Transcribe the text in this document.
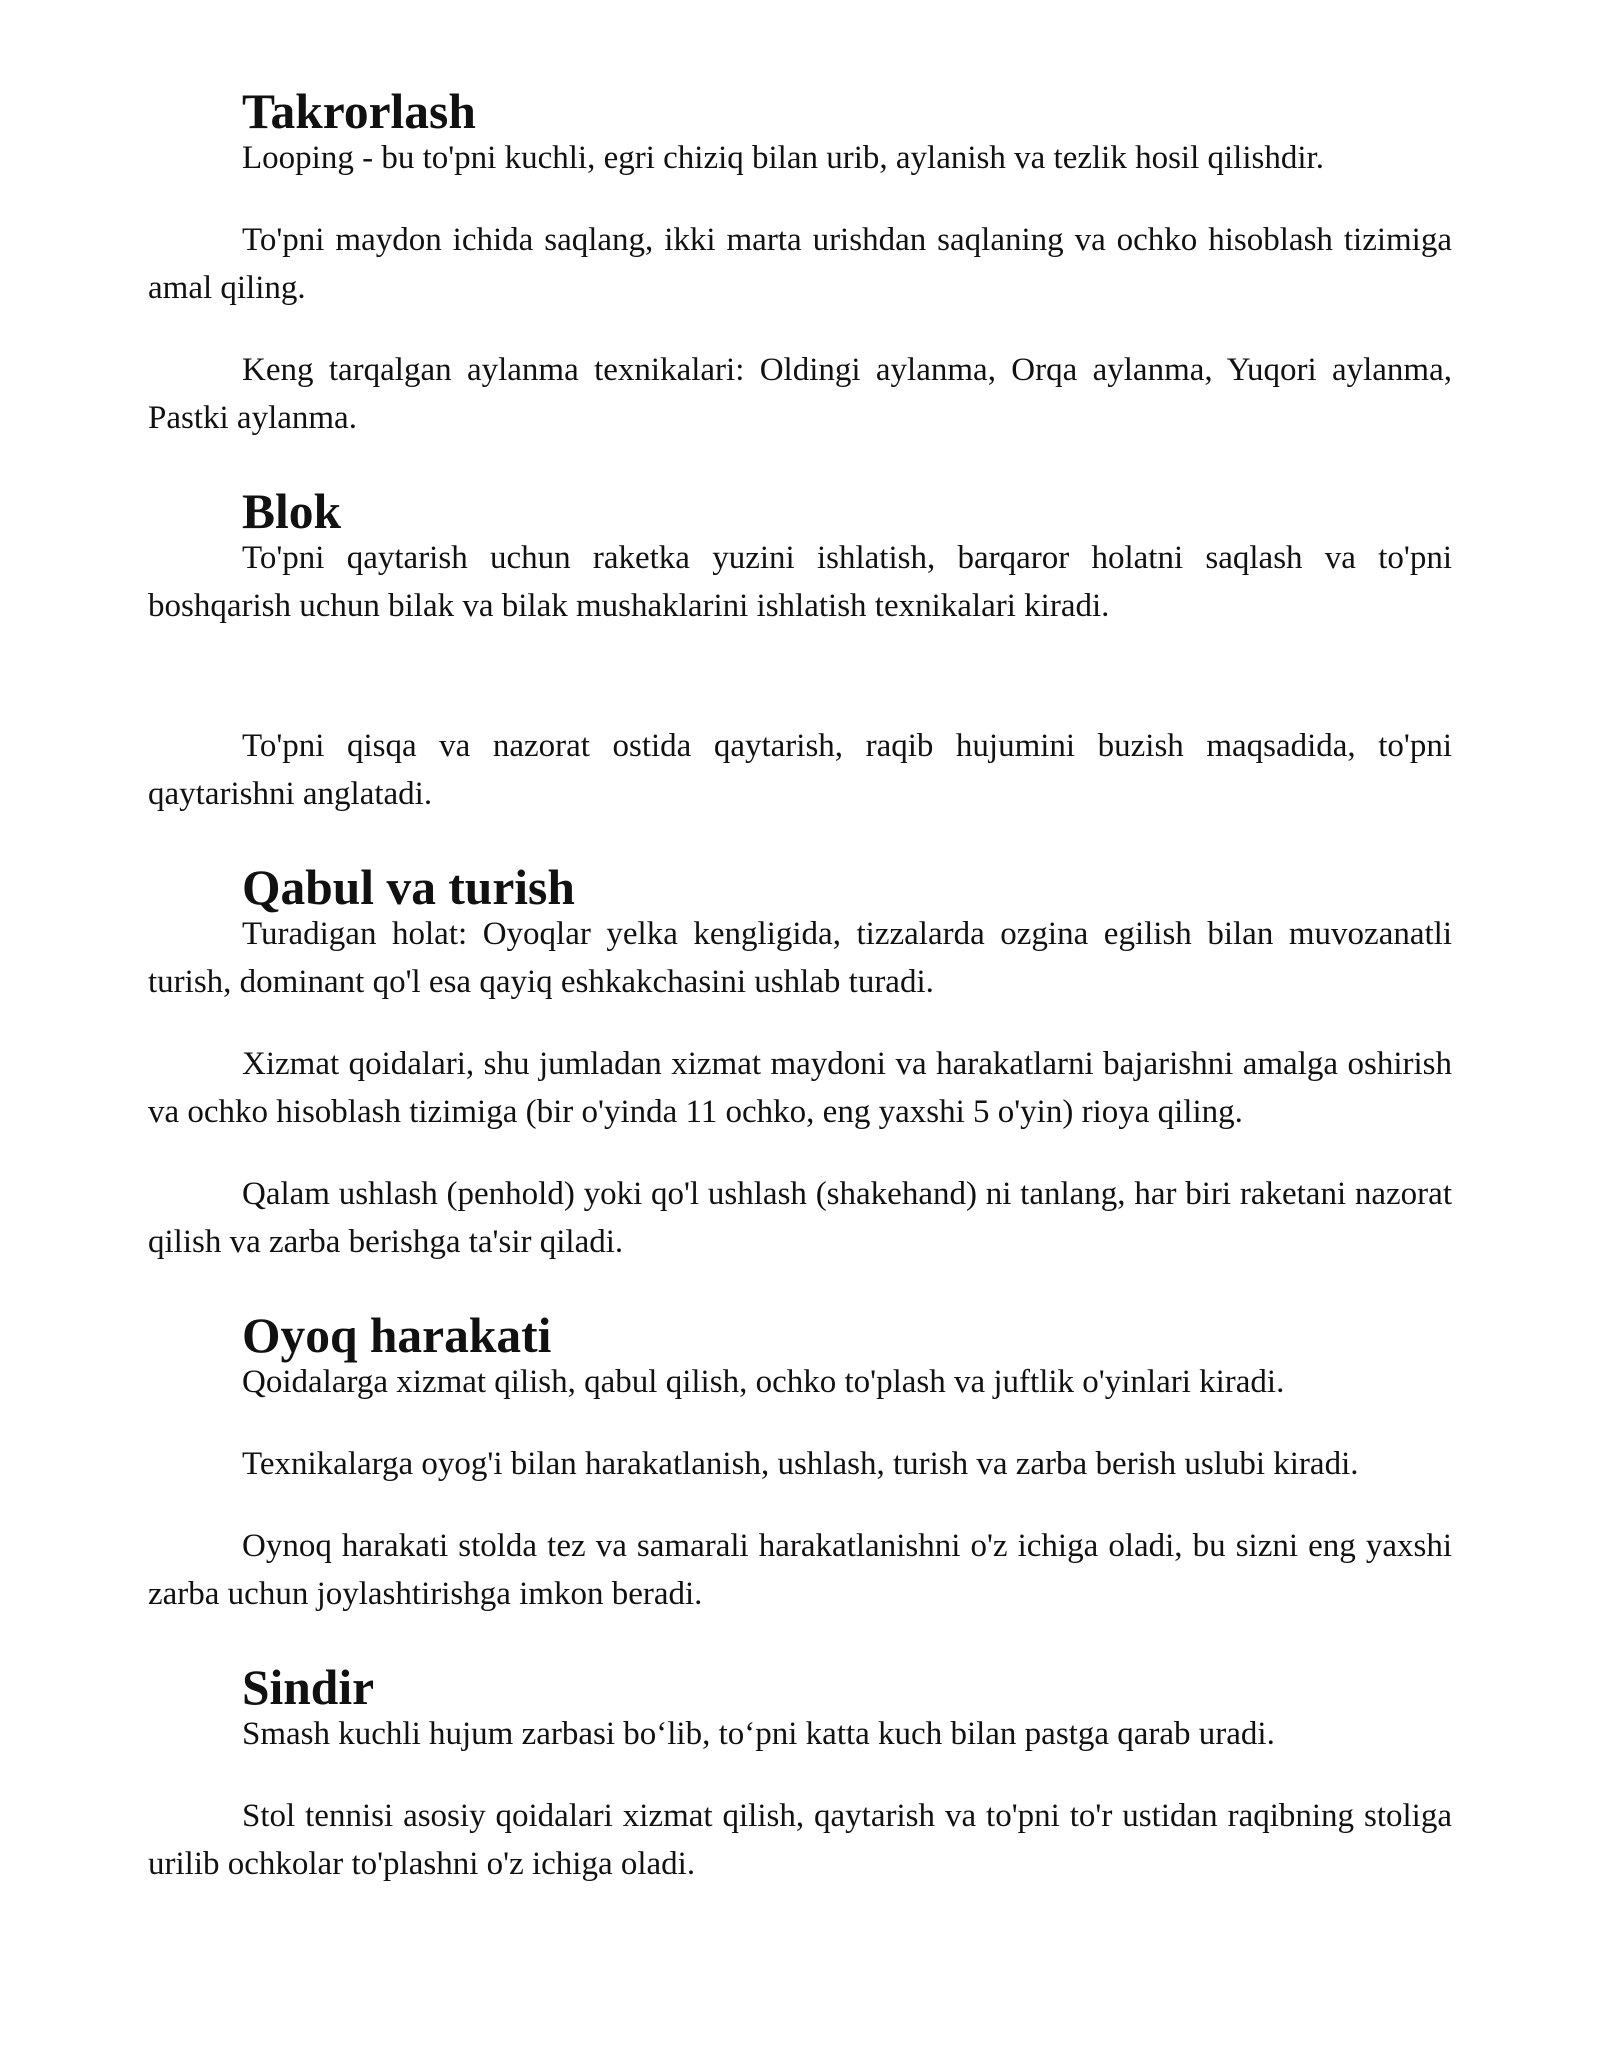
Takrorlash

Looping - bu to'pni kuchli, egri chiziq bilan urib, aylanish va tezlik hosil qilishdir.

To'pni maydon ichida saqlang, ikki marta urishdan saqlaning va ochko hisoblash tizimiga amal qiling.

Keng tarqalgan aylanma texnikalari: Oldingi aylanma, Orqa aylanma, Yuqori aylanma, Pastki aylanma.

Blok

To'pni qaytarish uchun raketka yuzini ishlatish, barqaror holatni saqlash va to'pni boshqarish uchun bilak va bilak mushaklarini ishlatish texnikalari kiradi.

To'pni qisqa va nazorat ostida qaytarish, raqib hujumini buzish maqsadida, to'pni qaytarishni anglatadi.

Qabul va turish

Turadigan holat: Oyoqlar yelka kengligida, tizzalarda ozgina egilish bilan muvozanatli turish, dominant qo'l esa qayiq eshkakchasini ushlab turadi.

Xizmat qoidalari, shu jumladan xizmat maydoni va harakatlarni bajarishni amalga oshirish va ochko hisoblash tizimiga (bir o'yinda 11 ochko, eng yaxshi 5 o'yin) rioya qiling.

Qalam ushlash (penhold) yoki qo'l ushlash (shakehand) ni tanlang, har biri raketani nazorat qilish va zarba berishga ta'sir qiladi.

Oyoq harakati

Qoidalarga xizmat qilish, qabul qilish, ochko to'plash va juftlik o'yinlari kiradi.

Texnikalarga oyog'i bilan harakatlanish, ushlash, turish va zarba berish uslubi kiradi.

Oynoq harakati stolda tez va samarali harakatlanishni o'z ichiga oladi, bu sizni eng yaxshi zarba uchun joylashtirishga imkon beradi.

Sindir

Smash kuchli hujum zarbasi bo‘lib, to‘pni katta kuch bilan pastga qarab uradi.

Stol tennisi asosiy qoidalari xizmat qilish, qaytarish va to'pni to'r ustidan raqibning stoliga urilib ochkolar to'plashni o'z ichiga oladi.
